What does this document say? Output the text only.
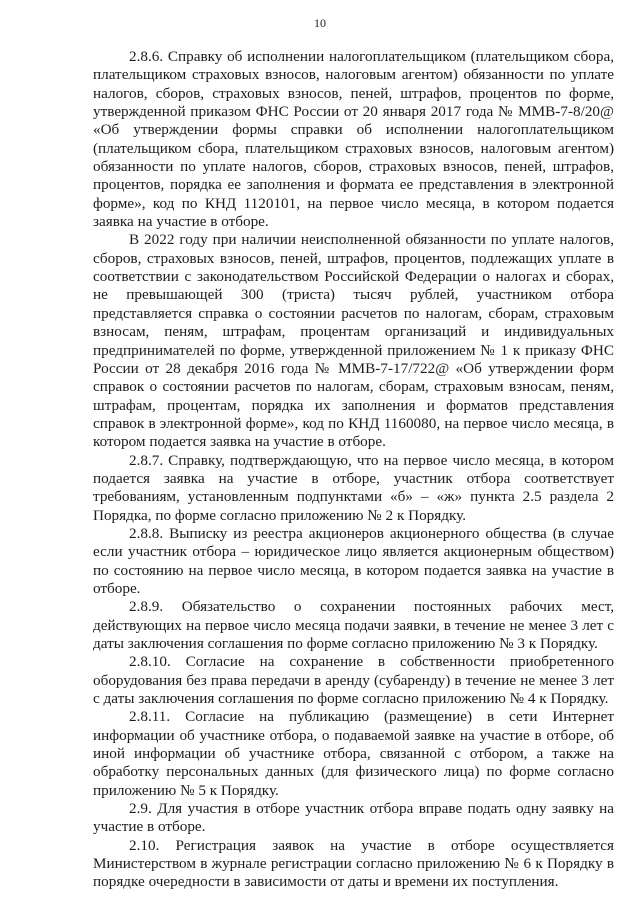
10

2.8.6. Справку об исполнении налогоплательщиком (плательщиком сбора, плательщиком страховых взносов, налоговым агентом) обязанности по уплате налогов, сборов, страховых взносов, пеней, штрафов, процентов по форме, утвержденной приказом ФНС России от 20 января 2017 года № ММВ-7-8/20@ «Об утверждении формы справки об исполнении налогоплательщиком (плательщиком сбора, плательщиком страховых взносов, налоговым агентом) обязанности по уплате налогов, сборов, страховых взносов, пеней, штрафов, процентов, порядка ее заполнения и формата ее представления в электронной форме», код по КНД 1120101, на первое число месяца, в котором подается заявка на участие в отборе.

В 2022 году при наличии неисполненной обязанности по уплате налогов, сборов, страховых взносов, пеней, штрафов, процентов, подлежащих уплате в соответствии с законодательством Российской Федерации о налогах и сборах, не превышающей 300 (триста) тысяч рублей, участником отбора представляется справка о состоянии расчетов по налогам, сборам, страховым взносам, пеням, штрафам, процентам организаций и индивидуальных предпринимателей по форме, утвержденной приложением № 1 к приказу ФНС России от 28 декабря 2016 года № ММВ-7-17/722@ «Об утверждении форм справок о состоянии расчетов по налогам, сборам, страховым взносам, пеням, штрафам, процентам, порядка их заполнения и форматов представления справок в электронной форме», код по КНД 1160080, на первое число месяца, в котором подается заявка на участие в отборе.

2.8.7. Справку, подтверждающую, что на первое число месяца, в котором подается заявка на участие в отборе, участник отбора соответствует требованиям, установленным подпунктами «б» – «ж» пункта 2.5 раздела 2 Порядка, по форме согласно приложению № 2 к Порядку.

2.8.8. Выписку из реестра акционеров акционерного общества (в случае если участник отбора – юридическое лицо является акционерным обществом) по состоянию на первое число месяца, в котором подается заявка на участие в отборе.

2.8.9. Обязательство о сохранении постоянных рабочих мест, действующих на первое число месяца подачи заявки, в течение не менее 3 лет с даты заключения соглашения по форме согласно приложению № 3 к Порядку.

2.8.10. Согласие на сохранение в собственности приобретенного оборудования без права передачи в аренду (субаренду) в течение не менее 3 лет с даты заключения соглашения по форме согласно приложению № 4 к Порядку.

2.8.11. Согласие на публикацию (размещение) в сети Интернет информации об участнике отбора, о подаваемой заявке на участие в отборе, об иной информации об участнике отбора, связанной с отбором, а также на обработку персональных данных (для физического лица) по форме согласно приложению № 5 к Порядку.

2.9. Для участия в отборе участник отбора вправе подать одну заявку на участие в отборе.

2.10. Регистрация заявок на участие в отборе осуществляется Министерством в журнале регистрации согласно приложению № 6 к Порядку в порядке очередности в зависимости от даты и времени их поступления.
